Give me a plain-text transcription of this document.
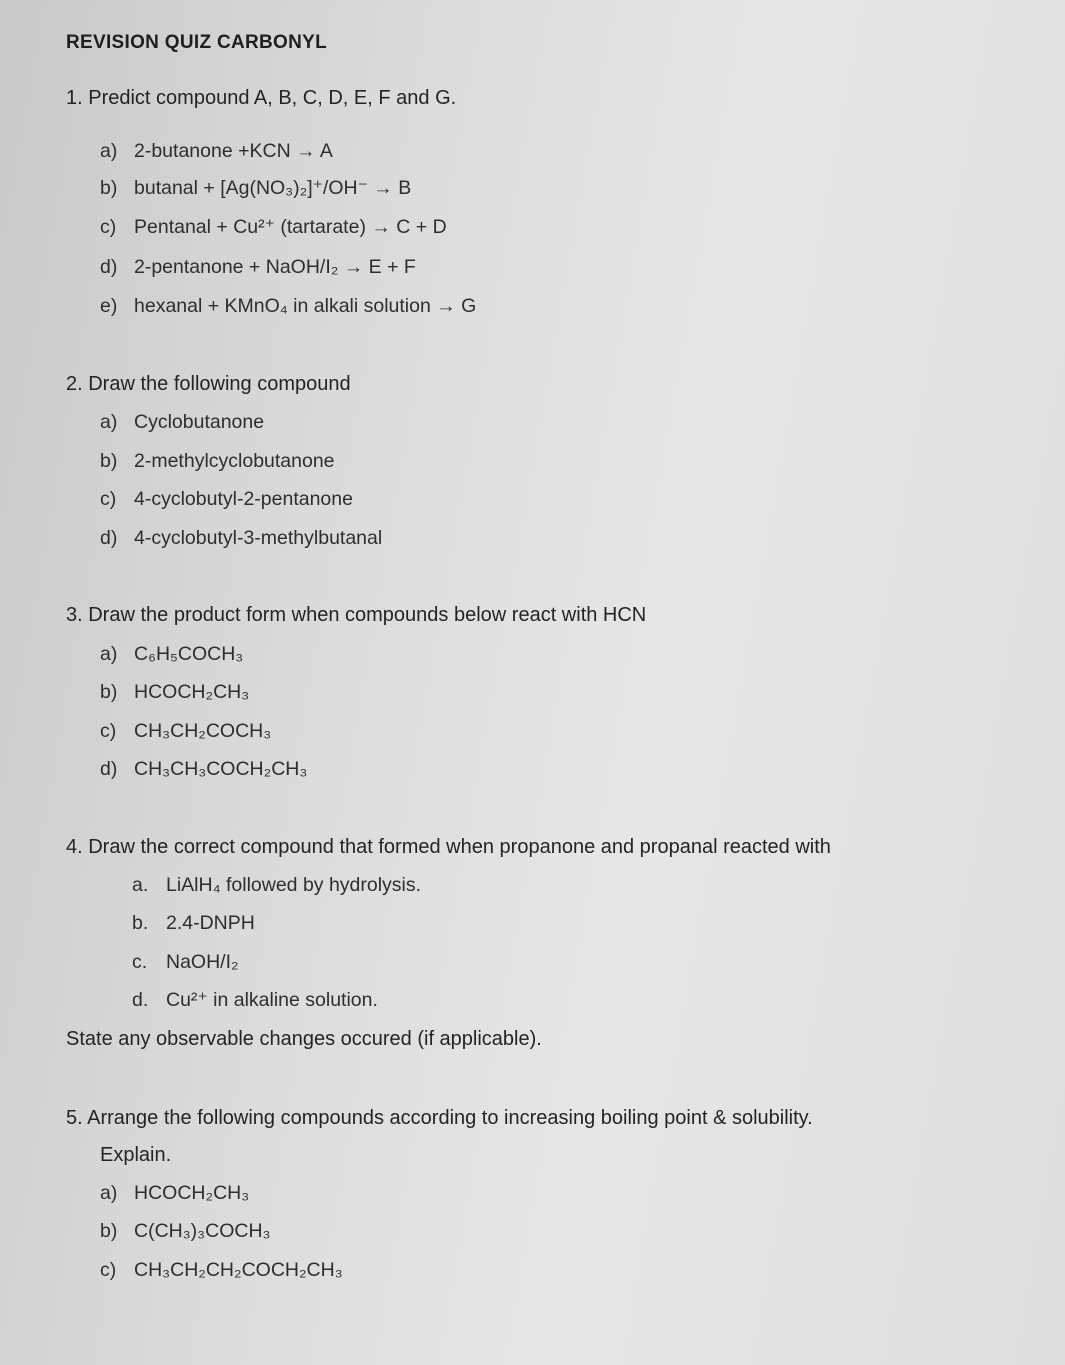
REVISION QUIZ CARBONYL
1. Predict compound A, B, C, D, E, F and G.
a) 2-butanone +KCN → A
b) butanal + [Ag(NO₃)₂]⁺/OH⁻ → B
c) Pentanal + Cu²⁺ (tartarate) → C + D
d) 2-pentanone + NaOH/I₂ → E + F
e) hexanal + KMnO₄ in alkali solution → G
2. Draw the following compound
a) Cyclobutanone
b) 2-methylcyclobutanone
c) 4-cyclobutyl-2-pentanone
d) 4-cyclobutyl-3-methylbutanal
3. Draw the product form when compounds below react with HCN
a) C₆H₅COCH₃
b) HCOCH₂CH₃
c) CH₃CH₂COCH₃
d) CH₃CH₃COCH₂CH₃
4. Draw the correct compound that formed when propanone and propanal reacted with
a. LiAlH₄ followed by hydrolysis.
b. 2.4-DNPH
c. NaOH/I₂
d. Cu²⁺ in alkaline solution.
State any observable changes occured (if applicable).
5. Arrange the following compounds according to increasing boiling point & solubility.
Explain.
a) HCOCH₂CH₃
b) C(CH₃)₃COCH₃
c) CH₃CH₂CH₂COCH₂CH₃
